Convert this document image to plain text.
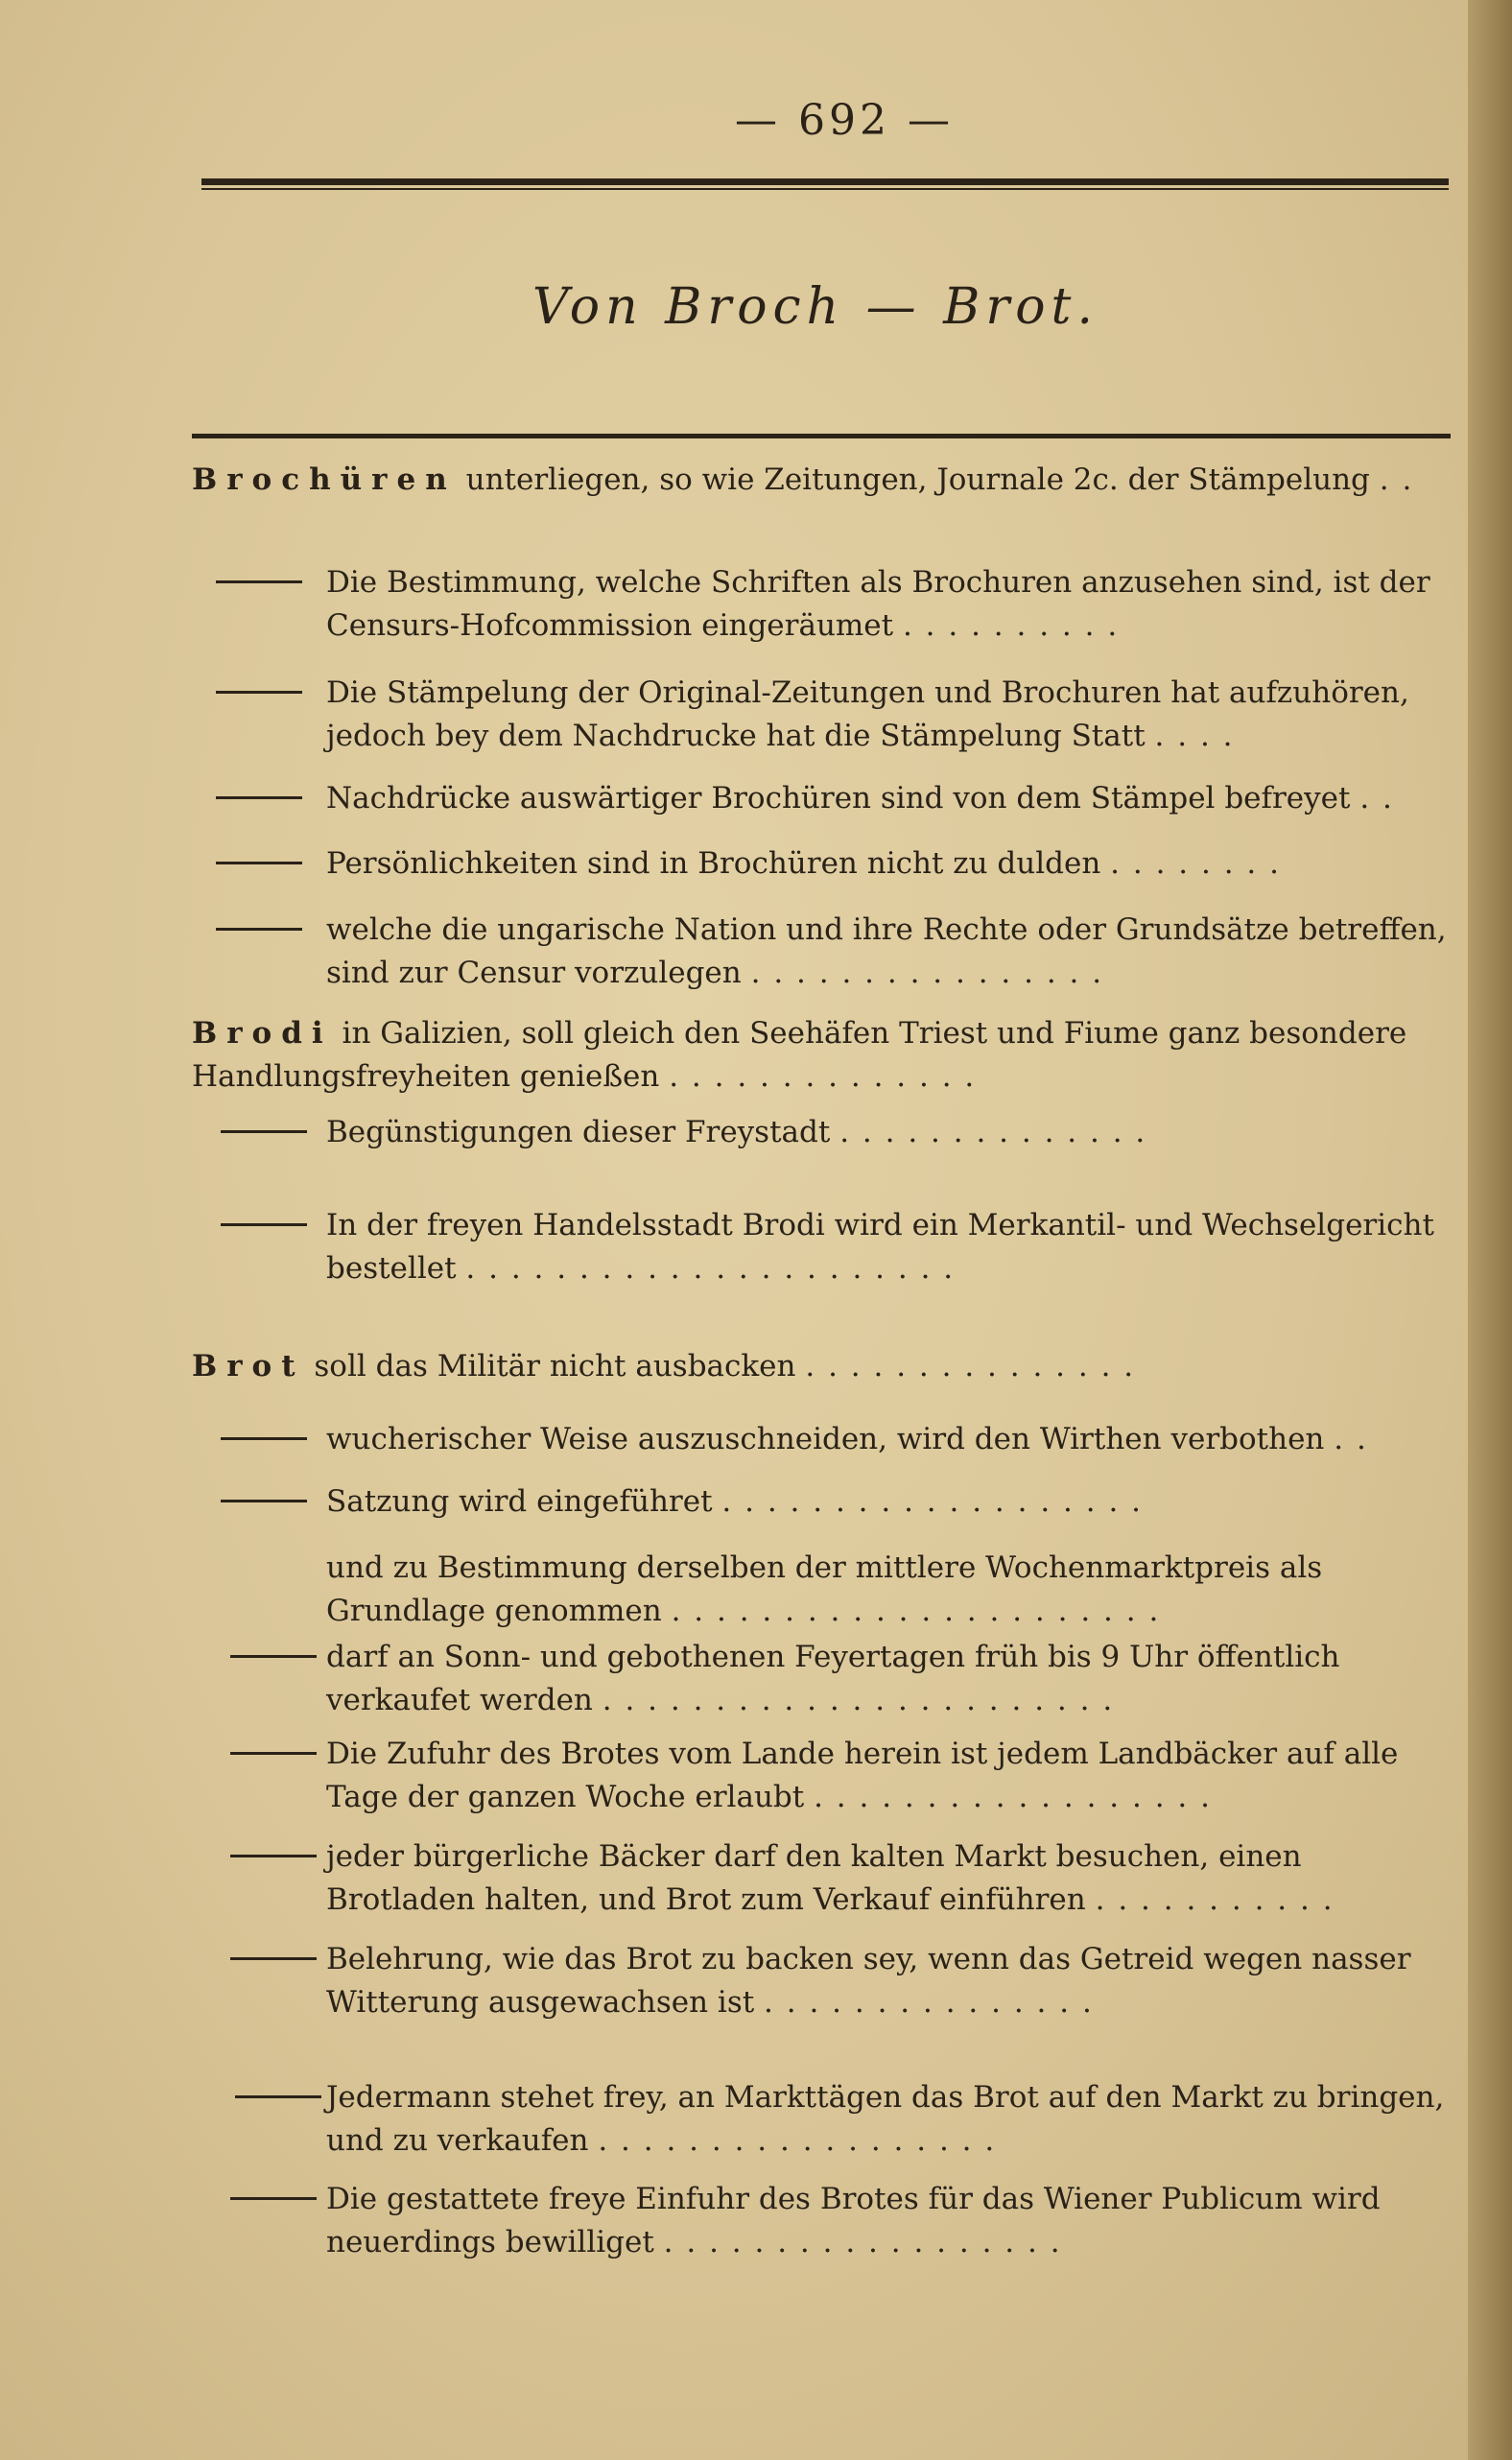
— 692 —
Von Broch — Brot.
Brochüren unterliegen, so wie Zeitungen, Journale 2c. der Stämpelung . .
Die Bestimmung, welche Schriften als Brochuren anzusehen sind, ist der Censurs-Hofcommission eingeräumet . . . . . . . . . .
Die Stämpelung der Original-Zeitungen und Brochuren hat aufzuhören, jedoch bey dem Nachdrucke hat die Stämpelung Statt . . . .
Nachdrücke auswärtiger Brochüren sind von dem Stämpel befreyet . .
Persönlichkeiten sind in Brochüren nicht zu dulden . . . . . . . .
welche die ungarische Nation und ihre Rechte oder Grundsätze betreffen, sind zur Censur vorzulegen . . . . . . . . . . . . . . . .
Brodi in Galizien, soll gleich den Seehäfen Triest und Fiume ganz besondere Handlungsfreyheiten genießen . . . . . . . . . . . . . .
Begünstigungen dieser Freystadt . . . . . . . . . . . . . .
In der freyen Handelsstadt Brodi wird ein Merkantil- und Wechselgericht bestellet . . . . . . . . . . . . . . . . . . . . . .
Brot soll das Militär nicht ausbacken . . . . . . . . . . . . . . .
wucherischer Weise auszuschneiden, wird den Wirthen verbothen . .
Satzung wird eingeführet . . . . . . . . . . . . . . . . . . .
und zu Bestimmung derselben der mittlere Wochenmarktpreis als Grundlage genommen . . . . . . . . . . . . . . . . . . . . . .
darf an Sonn- und gebothenen Feyertagen früh bis 9 Uhr öffentlich verkaufet werden . . . . . . . . . . . . . . . . . . . . . . .
Die Zufuhr des Brotes vom Lande herein ist jedem Landbäcker auf alle Tage der ganzen Woche erlaubt . . . . . . . . . . . . . . . . . .
jeder bürgerliche Bäcker darf den kalten Markt besuchen, einen Brotladen halten, und Brot zum Verkauf einführen . . . . . . . . . . .
Belehrung, wie das Brot zu backen sey, wenn das Getreid wegen nasser Witterung ausgewachsen ist . . . . . . . . . . . . . . .
Jedermann stehet frey, an Markttägen das Brot auf den Markt zu bringen, und zu verkaufen . . . . . . . . . . . . . . . . . .
Die gestattete freye Einfuhr des Brotes für das Wiener Publicum wird neuerdings bewilliget . . . . . . . . . . . . . . . . . .
